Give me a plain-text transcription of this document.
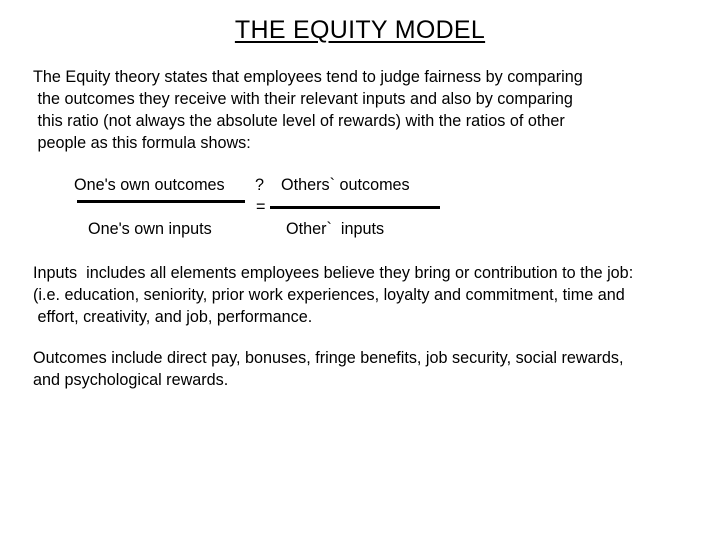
THE EQUITY MODEL

The Equity theory states that employees tend to judge fairness by comparing
the outcomes they receive with their relevant inputs and also by comparing
this ratio (not always the absolute level of rewards) with the ratios of other
people as this formula shows:

One's own outcomes ? Others` outcomes
=
One's own inputs	Other`  inputs

Inputs  includes all elements employees believe they bring or contribution to the job:
(i.e. education, seniority, prior work experiences, loyalty and commitment, time and
effort, creativity, and job, performance.

Outcomes include direct pay, bonuses, fringe benefits, job security, social rewards,
and psychological rewards.
